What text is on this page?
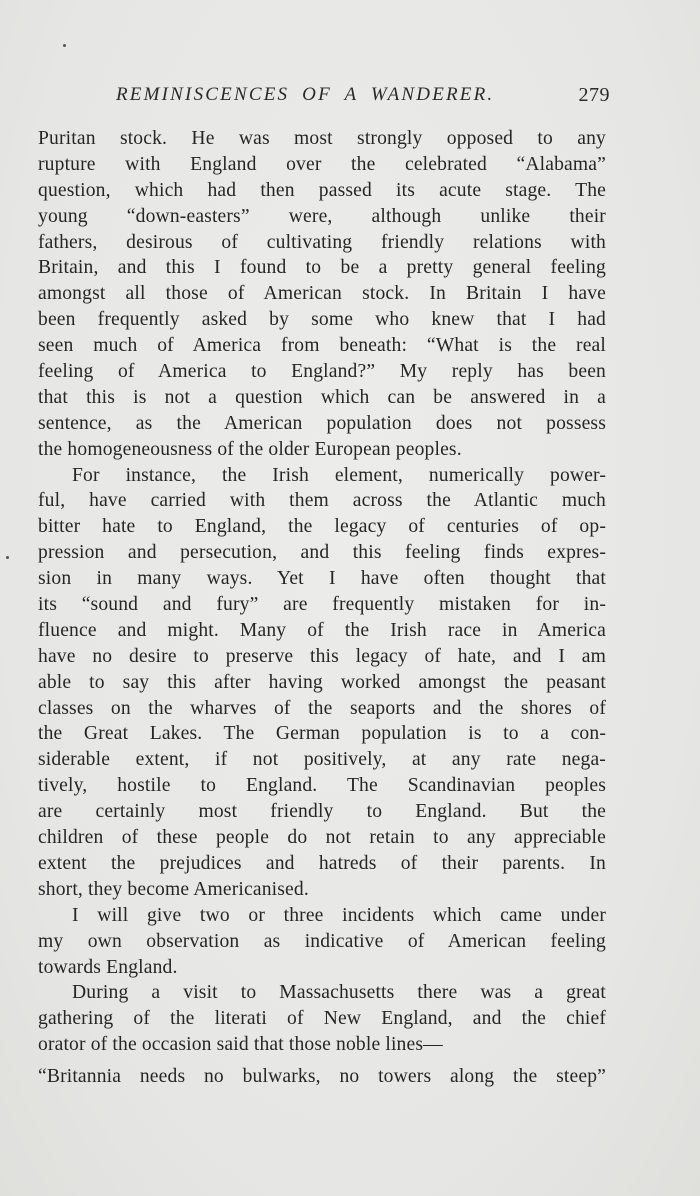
REMINISCENCES OF A WANDERER.	279
Puritan stock. He was most strongly opposed to any
rupture with England over the celebrated “Alabama”
question, which had then passed its acute stage. The
young “down-easters” were, although unlike their
fathers, desirous of cultivating friendly relations with
Britain, and this I found to be a pretty general feeling
amongst all those of American stock. In Britain I have
been frequently asked by some who knew that I had
seen much of America from beneath: “What is the real
feeling of America to England?” My reply has been
that this is not a question which can be answered in a
sentence, as the American population does not possess
the homogeneousness of the older European peoples.
For instance, the Irish element, numerically power-
ful, have carried with them across the Atlantic much
bitter hate to England, the legacy of centuries of op-
pression and persecution, and this feeling finds expres-
sion in many ways. Yet I have often thought that
its “sound and fury” are frequently mistaken for in-
fluence and might. Many of the Irish race in America
have no desire to preserve this legacy of hate, and I am
able to say this after having worked amongst the peasant
classes on the wharves of the seaports and the shores of
the Great Lakes. The German population is to a con-
siderable extent, if not positively, at any rate nega-
tively, hostile to England. The Scandinavian peoples
are certainly most friendly to England. But the
children of these people do not retain to any appreciable
extent the prejudices and hatreds of their parents. In
short, they become Americanised.
I will give two or three incidents which came under
my own observation as indicative of American feeling
towards England.
During a visit to Massachusetts there was a great
gathering of the literati of New England, and the chief
orator of the occasion said that those noble lines—
“Britannia needs no bulwarks, no towers along the steep”
